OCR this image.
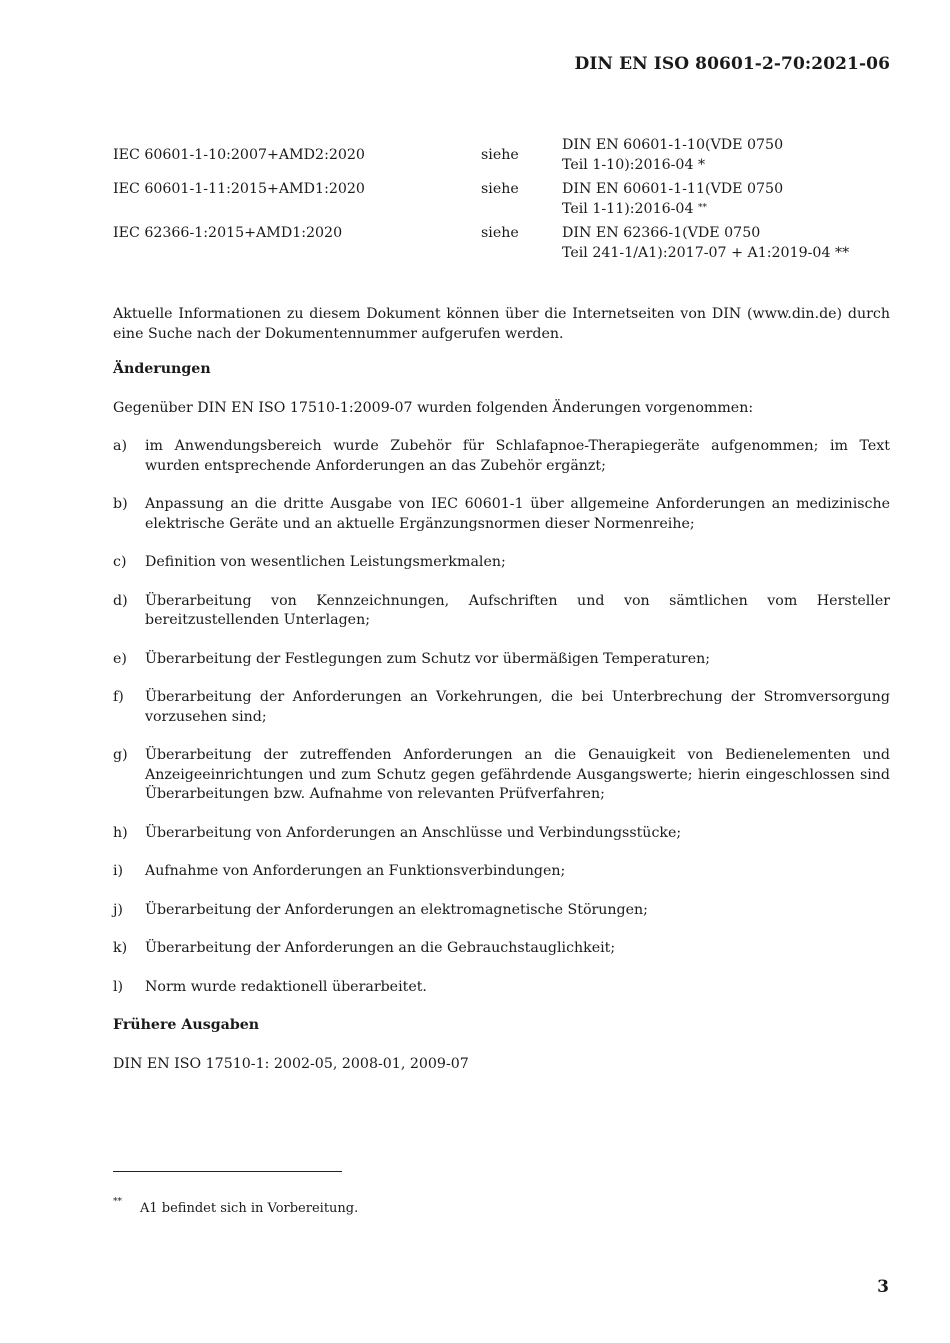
DIN EN ISO 80601-2-70:2021-06
IEC 60601-1-10:2007+AMD2:2020	siehe	DIN EN 60601-1-10(VDE 0750
Teil 1-10):2016-04 *

IEC 60601-1-11:2015+AMD1:2020	siehe	DIN EN 60601-1-11(VDE 0750
Teil 1-11):2016-04 **

IEC 62366-1:2015+AMD1:2020	siehe	DIN EN 62366-1(VDE 0750
Teil 241-1/A1):2017-07 + A1:2019-04 **

Aktuelle Informationen zu diesem Dokument können über die Internetseiten von DIN (www.din.de) durch eine Suche nach der Dokumentennummer aufgerufen werden.

Änderungen
Gegenüber DIN EN ISO 17510-1:2009-07 wurden folgenden Änderungen vorgenommen:
a) im Anwendungsbereich wurde Zubehör für Schlafapnoe-Therapiegeräte aufgenommen; im Text wurden entsprechende Anforderungen an das Zubehör ergänzt;
b) Anpassung an die dritte Ausgabe von IEC 60601-1 über allgemeine Anforderungen an medizinische elektrische Geräte und an aktuelle Ergänzungsnormen dieser Normenreihe;
c) Definition von wesentlichen Leistungsmerkmalen;
d) Überarbeitung von Kennzeichnungen, Aufschriften und von sämtlichen vom Hersteller bereitzustellenden Unterlagen;
e) Überarbeitung der Festlegungen zum Schutz vor übermäßigen Temperaturen;
f) Überarbeitung der Anforderungen an Vorkehrungen, die bei Unterbrechung der Stromversorgung vorzusehen sind;
g) Überarbeitung der zutreffenden Anforderungen an die Genauigkeit von Bedienelementen und Anzeigeeinrichtungen und zum Schutz gegen gefährdende Ausgangswerte; hierin eingeschlossen sind Überarbeitungen bzw. Aufnahme von relevanten Prüfverfahren;
h) Überarbeitung von Anforderungen an Anschlüsse und Verbindungsstücke;
i) Aufnahme von Anforderungen an Funktionsverbindungen;
j) Überarbeitung der Anforderungen an elektromagnetische Störungen;
k) Überarbeitung der Anforderungen an die Gebrauchstauglichkeit;
l) Norm wurde redaktionell überarbeitet.
Frühere Ausgaben
DIN EN ISO 17510-1: 2002-05, 2008-01, 2009-07
** A1 befindet sich in Vorbereitung.
3
